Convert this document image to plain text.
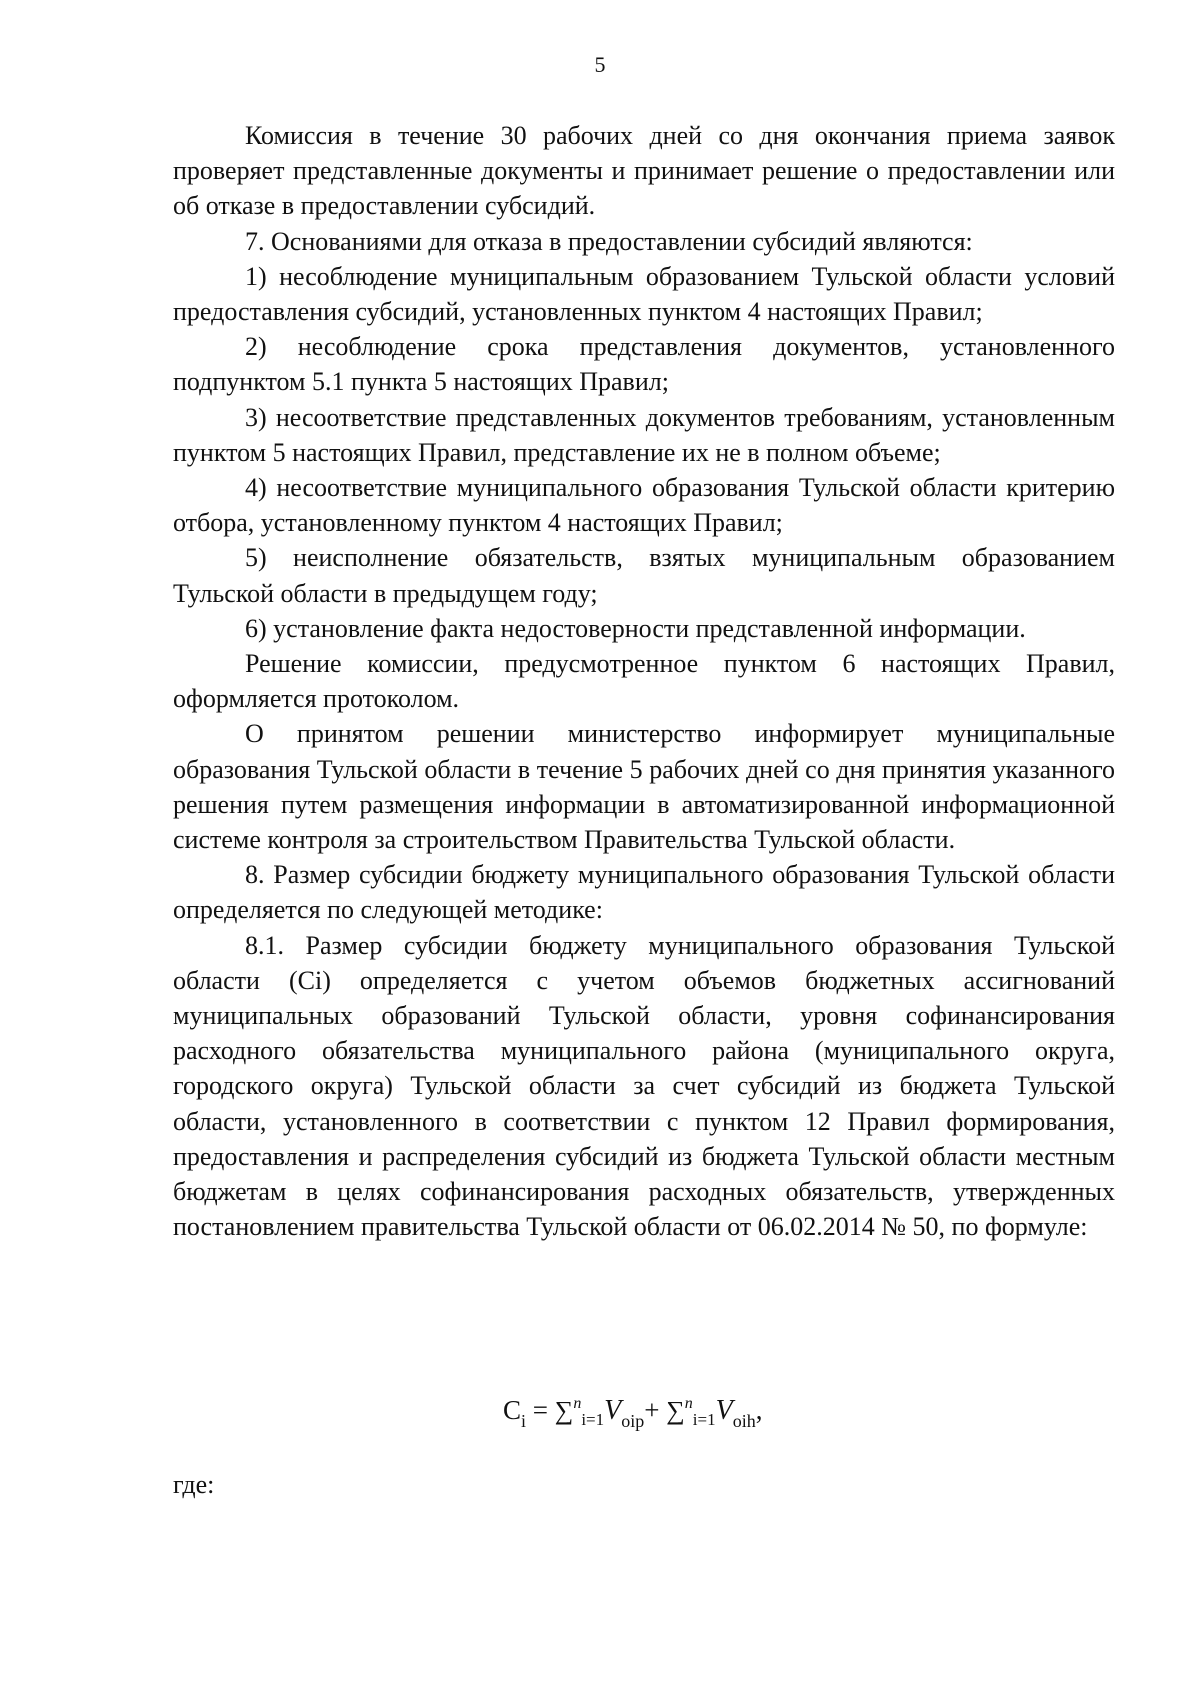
5

Комиссия в течение 30 рабочих дней со дня окончания приема заявок проверяет представленные документы и принимает решение о предоставлении или об отказе в предоставлении субсидий.

7. Основаниями для отказа в предоставлении субсидий являются:

1) несоблюдение муниципальным образованием Тульской области условий предоставления субсидий, установленных пунктом 4 настоящих Правил;

2) несоблюдение срока представления документов, установленного подпунктом 5.1 пункта 5 настоящих Правил;

3) несоответствие представленных документов требованиям, установленным пунктом 5 настоящих Правил, представление их не в полном объеме;

4) несоответствие муниципального образования Тульской области критерию отбора, установленному пунктом 4 настоящих Правил;

5) неисполнение обязательств, взятых муниципальным образованием Тульской области в предыдущем году;

6) установление факта недостоверности представленной информации.

Решение комиссии, предусмотренное пунктом 6 настоящих Правил, оформляется протоколом.

О принятом решении министерство информирует муниципальные образования Тульской области в течение 5 рабочих дней со дня принятия указанного решения путем размещения информации в автоматизированной информационной системе контроля за строительством Правительства Тульской области.

8. Размер субсидии бюджету муниципального образования Тульской области определяется по следующей методике:

8.1. Размер субсидии бюджету муниципального образования Тульской области (Ci) определяется с учетом объемов бюджетных ассигнований муниципальных образований Тульской области, уровня софинансирования расходного обязательства муниципального района (муниципального округа, городского округа) Тульской области за счет субсидий из бюджета Тульской области, установленного в соответствии с пунктом 12 Правил формирования, предоставления и распределения субсидий из бюджета Тульской области местным бюджетам в целях софинансирования расходных обязательств, утвержденных постановлением правительства Тульской области от 06.02.2014 № 50, по формуле:

$C_i = \sum^n_{i=1}V_{oip}+ \sum^n_{i=1}V_{oih}$,
где:
